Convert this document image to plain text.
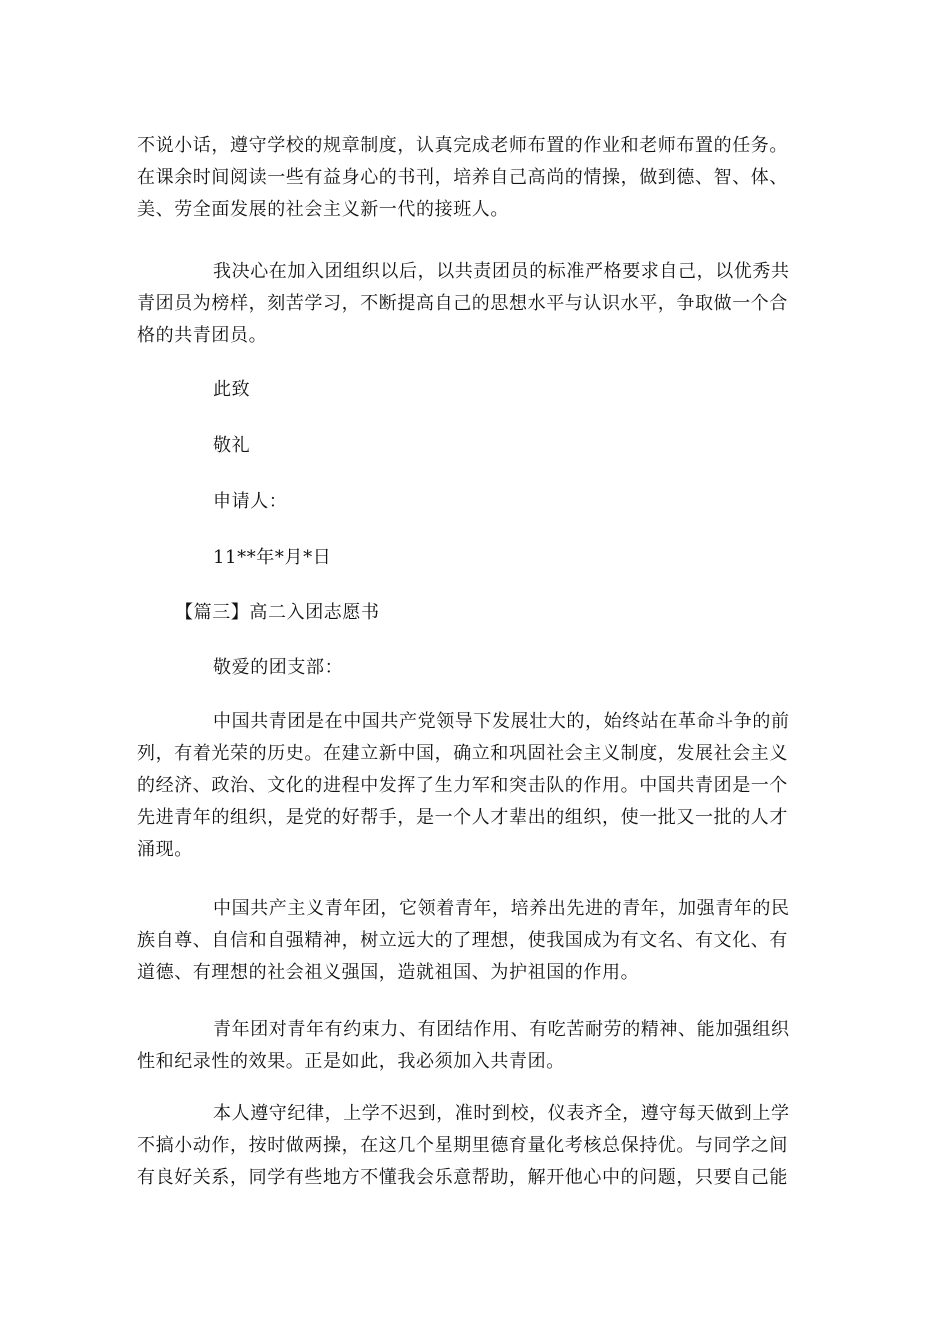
不说小话，遵守学校的规章制度，认真完成老师布置的作业和老师布置的任务。
在课余时间阅读一些有益身心的书刊，培养自己高尚的情操，做到德、智、体、
美、劳全面发展的社会主义新一代的接班人。
我决心在加入团组织以后，以共责团员的标准严格要求自己，以优秀共
青团员为榜样，刻苦学习，不断提高自己的思想水平与认识水平，争取做一个合
格的共青团员。

此致

敬礼

申请人：

11**年*月*日

【篇三】高二入团志愿书

敬爱的团支部：

中国共青团是在中国共产党领导下发展壮大的，始终站在革命斗争的前
列，有着光荣的历史。在建立新中国，确立和巩固社会主义制度，发展社会主义
的经济、政治、文化的进程中发挥了生力军和突击队的作用。中国共青团是一个
先进青年的组织，是党的好帮手，是一个人才辈出的组织，使一批又一批的人才
涌现。
中国共产主义青年团，它领着青年，培养出先进的青年，加强青年的民
族自尊、自信和自强精神，树立远大的了理想，使我国成为有文名、有文化、有
道德、有理想的社会祖义强国，造就祖国、为护祖国的作用。
青年团对青年有约束力、有团结作用、有吃苦耐劳的精神、能加强组织
性和纪录性的效果。正是如此，我必须加入共青团。
本人遵守纪律，上学不迟到，准时到校，仪表齐全，遵守每天做到上学
不搞小动作，按时做两操，在这几个星期里德育量化考核总保持优。与同学之间
有良好关系，同学有些地方不懂我会乐意帮助，解开他心中的问题，只要自己能
